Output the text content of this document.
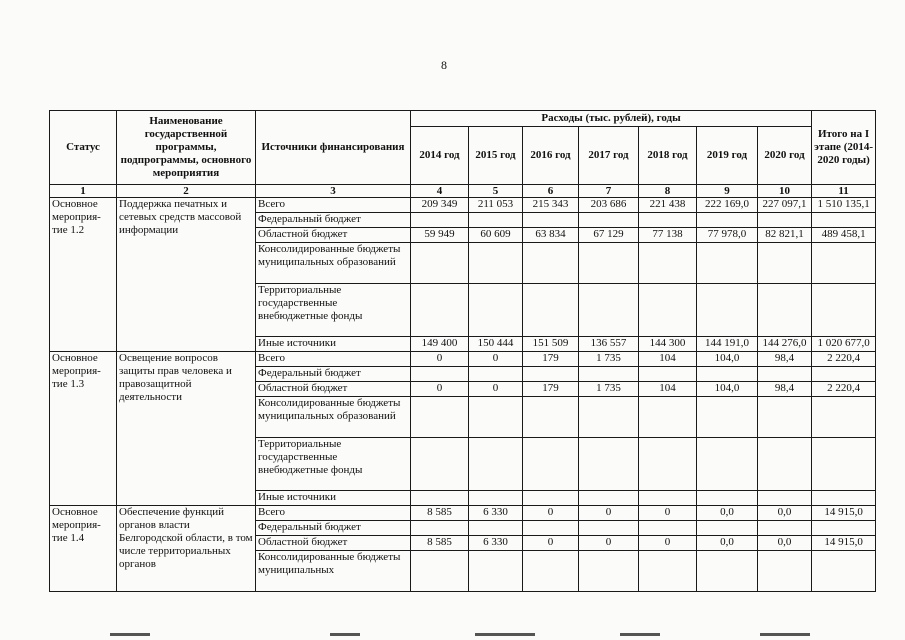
8
Статус	Наименование государственной программы, подпрограммы, основного мероприятия	Источники финансирования	Расходы (тыс. рублей), годы							Итого на I этапе (2014-2020 годы)
			2014 год	2015 год	2016 год	2017 год	2018 год	2019 год	2020 год	
1	2	3	4	5	6	7	8	9	10	11
Основное мероприя-тие 1.2	Поддержка печатных и сетевых средств массовой информации	Всего	209 349	211 053	215 343	203 686	221 438	222 169,0	227 097,1	1 510 135,1
		Федеральный бюджет								
		Областной бюджет	59 949	60 609	63 834	67 129	77 138	77 978,0	82 821,1	489 458,1
		Консолидированные бюджеты муниципальных образований								
		Территориальные государственные внебюджетные фонды								
		Иные источники	149 400	150 444	151 509	136 557	144 300	144 191,0	144 276,0	1 020 677,0
Основное мероприя-тие 1.3	Освещение вопросов защиты прав человека и правозащитной деятельности	Всего	0	0	179	1 735	104	104,0	98,4	2 220,4
		Федеральный бюджет								
		Областной бюджет	0	0	179	1 735	104	104,0	98,4	2 220,4
		Консолидированные бюджеты муниципальных образований								
		Территориальные государственные внебюджетные фонды								
		Иные источники								
Основное мероприя-тие 1.4	Обеспечение функций органов власти Белгородской области, в том числе территориальных органов	Всего	8 585	6 330	0	0	0	0,0	0,0	14 915,0
		Федеральный бюджет								
		Областной бюджет	8 585	6 330	0	0	0	0,0	0,0	14 915,0
		Консолидированные бюджеты муниципальных								
